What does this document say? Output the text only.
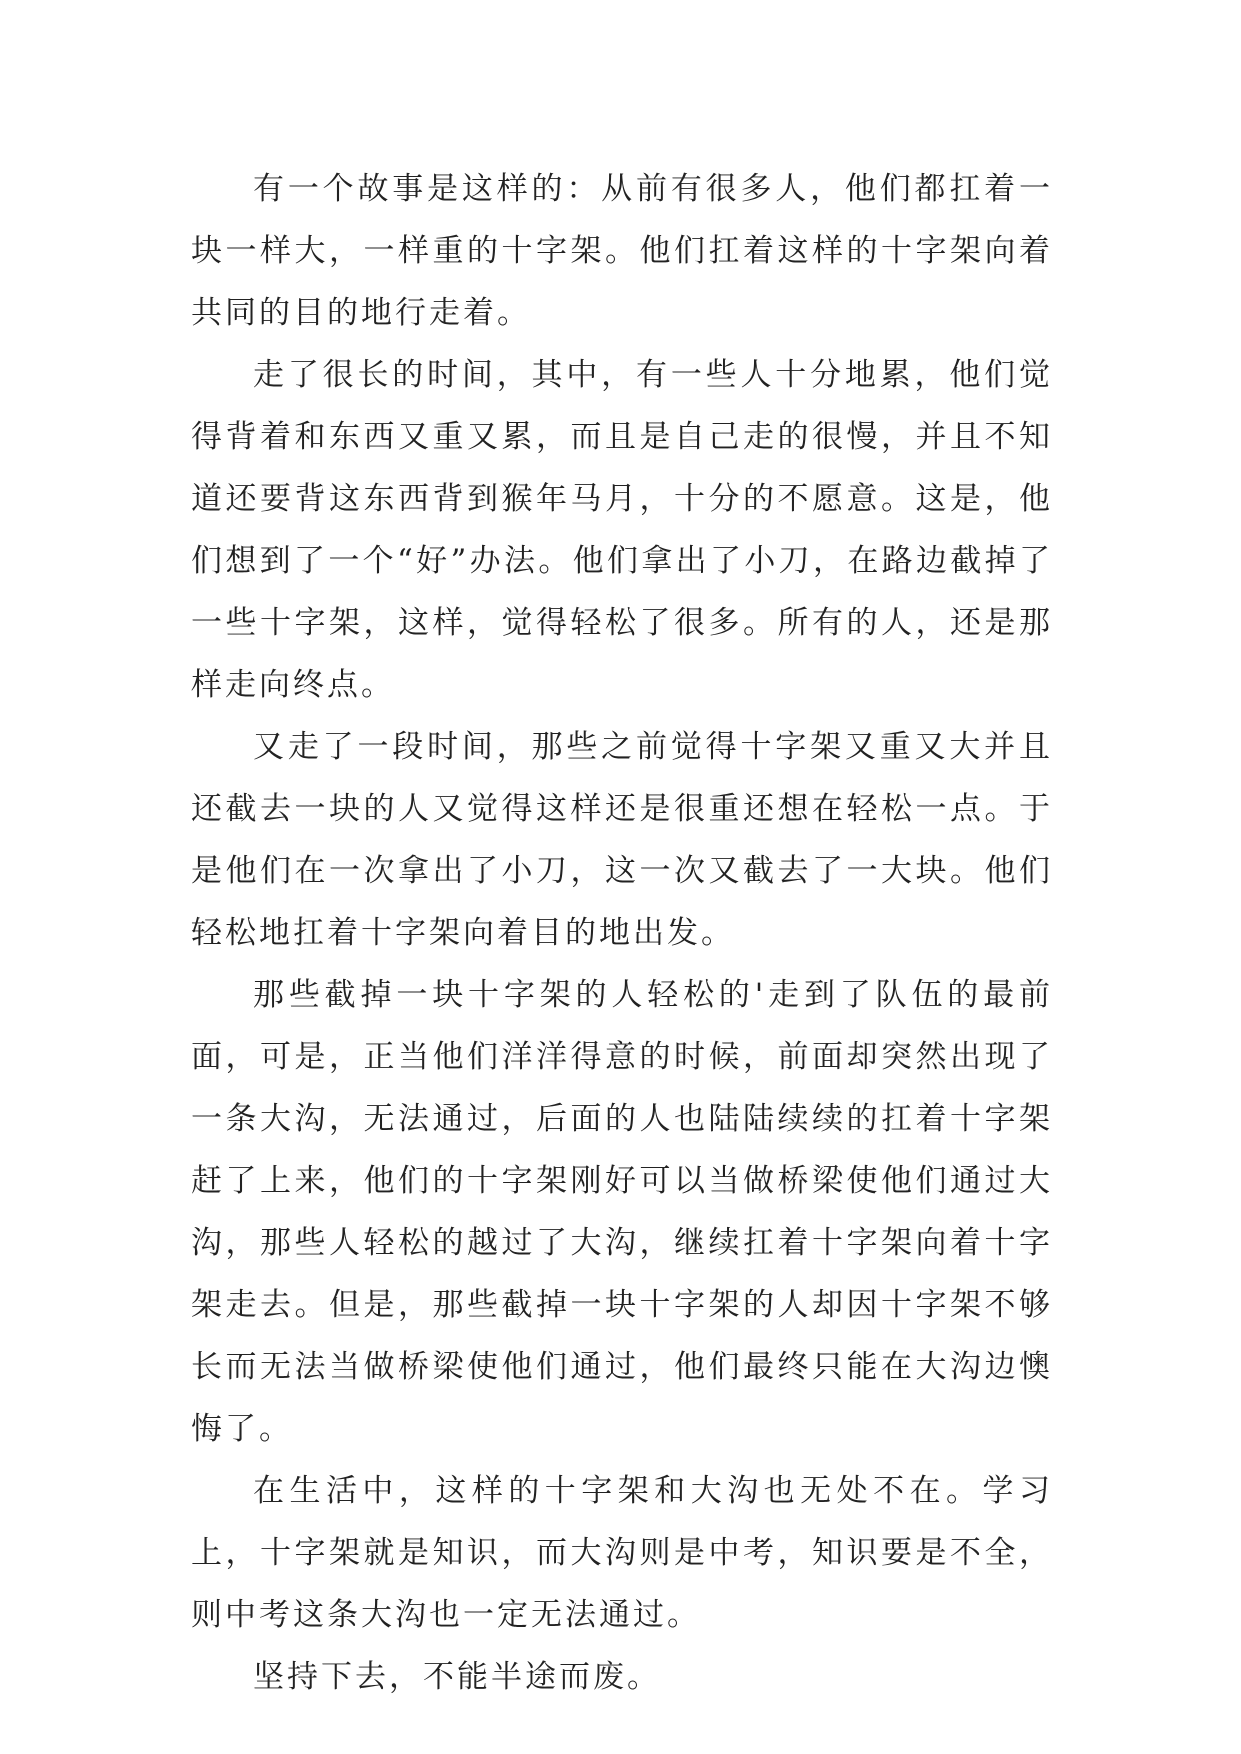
有一个故事是这样的：从前有很多人，他们都扛着一块一样大，一样重的十字架。他们扛着这样的十字架向着共同的目的地行走着。

走了很长的时间，其中，有一些人十分地累，他们觉得背着和东西又重又累，而且是自己走的很慢，并且不知道还要背这东西背到猴年马月，十分的不愿意。这是，他们想到了一个“好”办法。他们拿出了小刀，在路边截掉了一些十字架，这样，觉得轻松了很多。所有的人，还是那样走向终点。

又走了一段时间，那些之前觉得十字架又重又大并且还截去一块的人又觉得这样还是很重还想在轻松一点。于是他们在一次拿出了小刀，这一次又截去了一大块。他们轻松地扛着十字架向着目的地出发。

那些截掉一块十字架的人轻松的'走到了队伍的最前面，可是，正当他们洋洋得意的时候，前面却突然出现了一条大沟，无法通过，后面的人也陆陆续续的扛着十字架赶了上来，他们的十字架刚好可以当做桥梁使他们通过大沟，那些人轻松的越过了大沟，继续扛着十字架向着十字架走去。但是，那些截掉一块十字架的人却因十字架不够长而无法当做桥梁使他们通过，他们最终只能在大沟边懊悔了。

在生活中，这样的十字架和大沟也无处不在。学习上，十字架就是知识，而大沟则是中考，知识要是不全，则中考这条大沟也一定无法通过。

坚持下去，不能半途而废。
